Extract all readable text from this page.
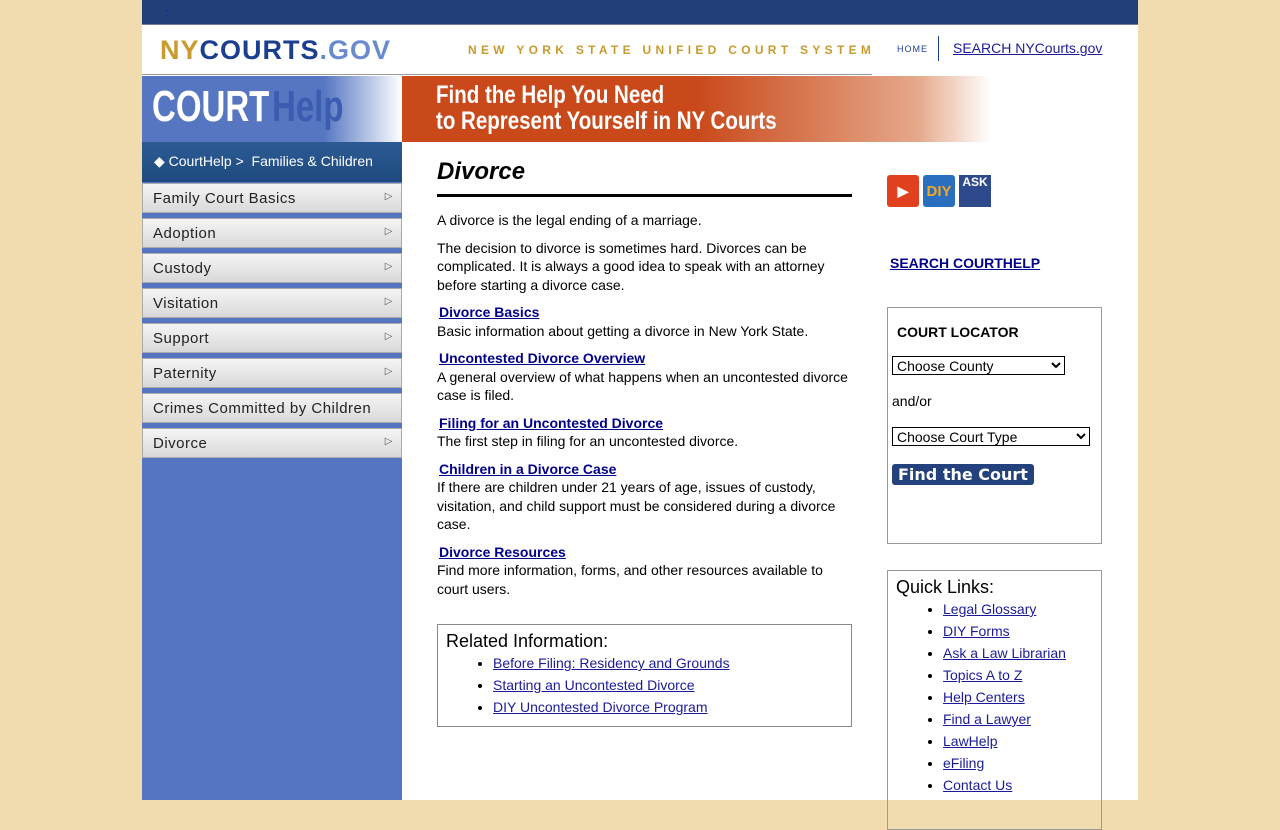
-
NYCOURTS.GOV	NEW YORK STATE UNIFIED COURT SYSTEM HOME SEARCH NYCourts.gov
COURT Help	Find the Help You Need
to Represent Yourself in NY Courts
◆ CourtHelp > Families & Children
Family Court Basics	▷
Adoption	▷
Custody	▷
Visitation	▷
Support	▷
Paternity	▷
Crimes Committed by Children
Divorce	▷
Divorce

A divorce is the legal ending of a marriage.

The decision to divorce is sometimes hard. Divorces can be complicated. It is always a good idea to speak with an attorney before starting a divorce case.

Divorce Basics
Basic information about getting a divorce in New York State.
Uncontested Divorce Overview
A general overview of what happens when an uncontested divorce case is filed.
Filing for an Uncontested Divorce
The first step in filing for an uncontested divorce.
Children in a Divorce Case
If there are children under 21 years of age, issues of custody, visitation, and child support must be considered during a divorce case.
Divorce Resources
Find more information, forms, and other resources available to court users.
Related Information:
• Before Filing: Residency and Grounds
• Starting an Uncontested Divorce
• DIY Uncontested Divorce Program
▶	DIY
ASK
SEARCH COURTHELP
COURT LOCATOR
Choose County
and/or
Choose Court Type
Find the Court
Quick Links:
• Legal Glossary
• DIY Forms
• Ask a Law Librarian
• Topics A to Z
• Help Centers
• Find a Lawyer
• LawHelp
• eFiling
• Contact Us
